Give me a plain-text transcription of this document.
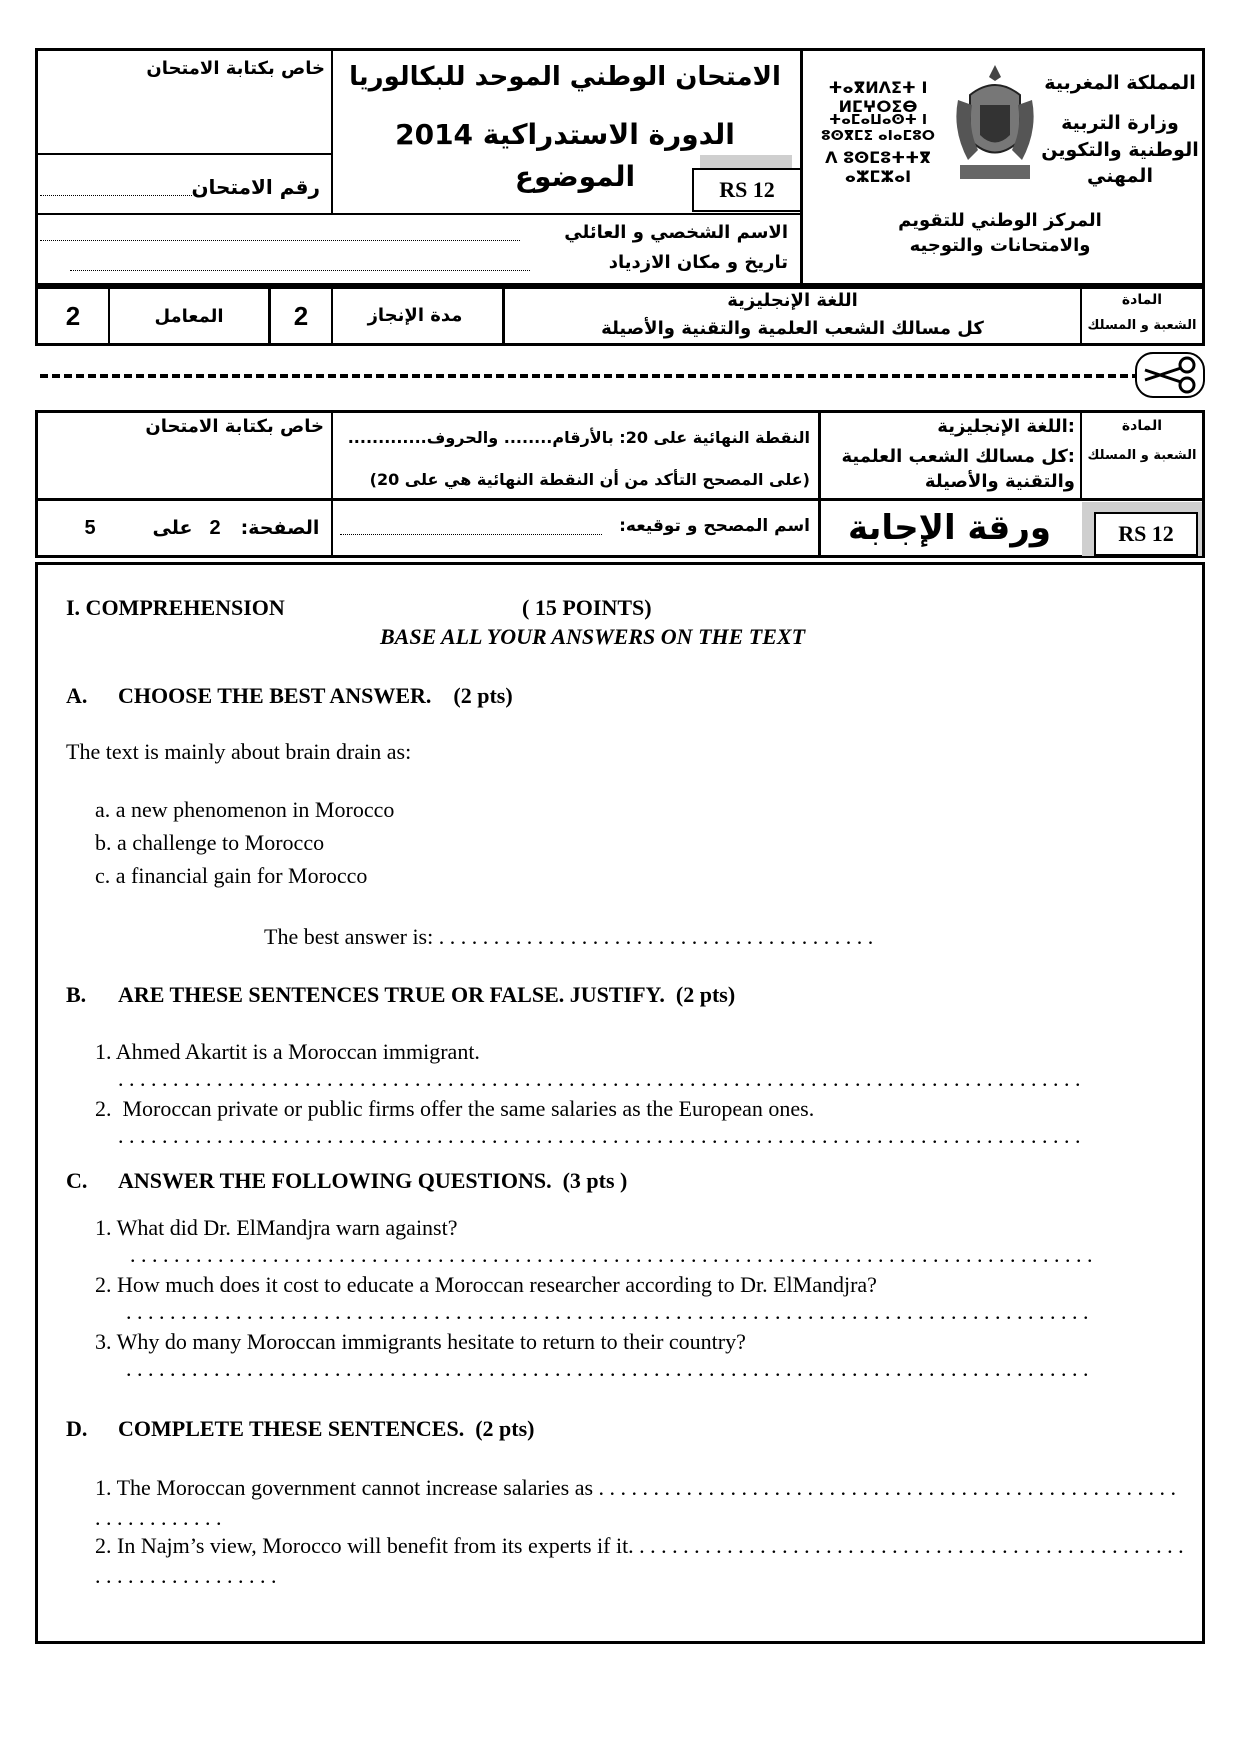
خاص بكتابة الامتحان
رقم الامتحان
الامتحان الوطني الموحد للبكالوريا
الدورة الاستدراكية 2014
الموضوع	RS 12
الاسم الشخصي و العائلي
تاريخ و مكان الازدياد
المملكة المغربية
وزارة التربية الوطنية والتكوين المهني
ⵜⴰⴳⵍⴷⵉⵜ ⵏ ⵍⵎⵖⵔⵉⴱ
ⵜⴰⵎⴰⵡⴰⵙⵜ ⵏ ⵓⵙⴳⵎⵉ ⴰⵏⴰⵎⵓⵔ
ⴷ ⵓⵙⵎⵓⵜⵜⴳ ⴰⵣⵎⵣⴰⵏ
المركز الوطني للتقويم والامتحانات والتوجيه
2	المعامل	2	مدة الإنجاز
اللغة الإنجليزية
كل مسالك الشعب العلمية والتقنية والأصيلة
المادة
الشعبة و المسلك
خاص بكتابة الامتحان
النقطة النهائية على 20: بالأرقام........ والحروف.............
(على المصحح التأكد من أن النقطة النهائية هي على 20)
:اللغة الإنجليزية
:كل مسالك الشعب العلمية والتقنية والأصيلة
المادة
الشعبة و المسلك
5	على 2	الصفحة:	اسم المصحح و توقيعه:	ورقة الإجابة	RS 12
I. COMPREHENSION	( 15 POINTS)
BASE ALL YOUR ANSWERS ON THE TEXT
A. CHOOSE THE BEST ANSWER.    (2 pts)
The text is mainly about brain drain as:
a. a new phenomenon in Morocco
b. a challenge to Morocco
c. a financial gain for Morocco
The best answer is: . . . . . . . . . . . . . . . . . . . . . . . . . . . . . . . . . . . . . . . .
B. ARE THESE SENTENCES TRUE OR FALSE. JUSTIFY.  (2 pts)
1. Ahmed Akartit is a Moroccan immigrant.
. . . . . . . . . . . . . . . . . . . . . . . . . . . . . . . . . . . . . . . . . . . . . . . . . . . . . . . . . . . . . . . . . . . . . . . . . . . . . . . . . . . . . . . .
2.  Moroccan private or public firms offer the same salaries as the European ones.
. . . . . . . . . . . . . . . . . . . . . . . . . . . . . . . . . . . . . . . . . . . . . . . . . . . . . . . . . . . . . . . . . . . . . . . . . . . . . . . . . . . . . . . .
C. ANSWER THE FOLLOWING QUESTIONS.  (3 pts )
1. What did Dr. ElMandjra warn against?
. . . . . . . . . . . . . . . . . . . . . . . . . . . . . . . . . . . . . . . . . . . . . . . . . . . . . . . . . . . . . . . . . . . . . . . . . . . . . . . . . . . . . . . .
2. How much does it cost to educate a Moroccan researcher according to Dr. ElMandjra?
. . . . . . . . . . . . . . . . . . . . . . . . . . . . . . . . . . . . . . . . . . . . . . . . . . . . . . . . . . . . . . . . . . . . . . . . . . . . . . . . . . . . . . . .
3. Why do many Moroccan immigrants hesitate to return to their country?
. . . . . . . . . . . . . . . . . . . . . . . . . . . . . . . . . . . . . . . . . . . . . . . . . . . . . . . . . . . . . . . . . . . . . . . . . . . . . . . . . . . . . . . .
D. COMPLETE THESE SENTENCES.  (2 pts)
1. The Moroccan government cannot increase salaries as . . . . . . . . . . . . . . . . . . . . . . . . . . . . . . . . . . . . . . . . . . . . . . . . . . . . . . . . . . . . . . . . .
2. In Najm’s view, Morocco will benefit from its experts if it. . . . . . . . . . . . . . . . . . . . . . . . . . . . . . . . . . . . . . . . . . . . . . . . . . . . . . . . . . . . . . . . . . . .
